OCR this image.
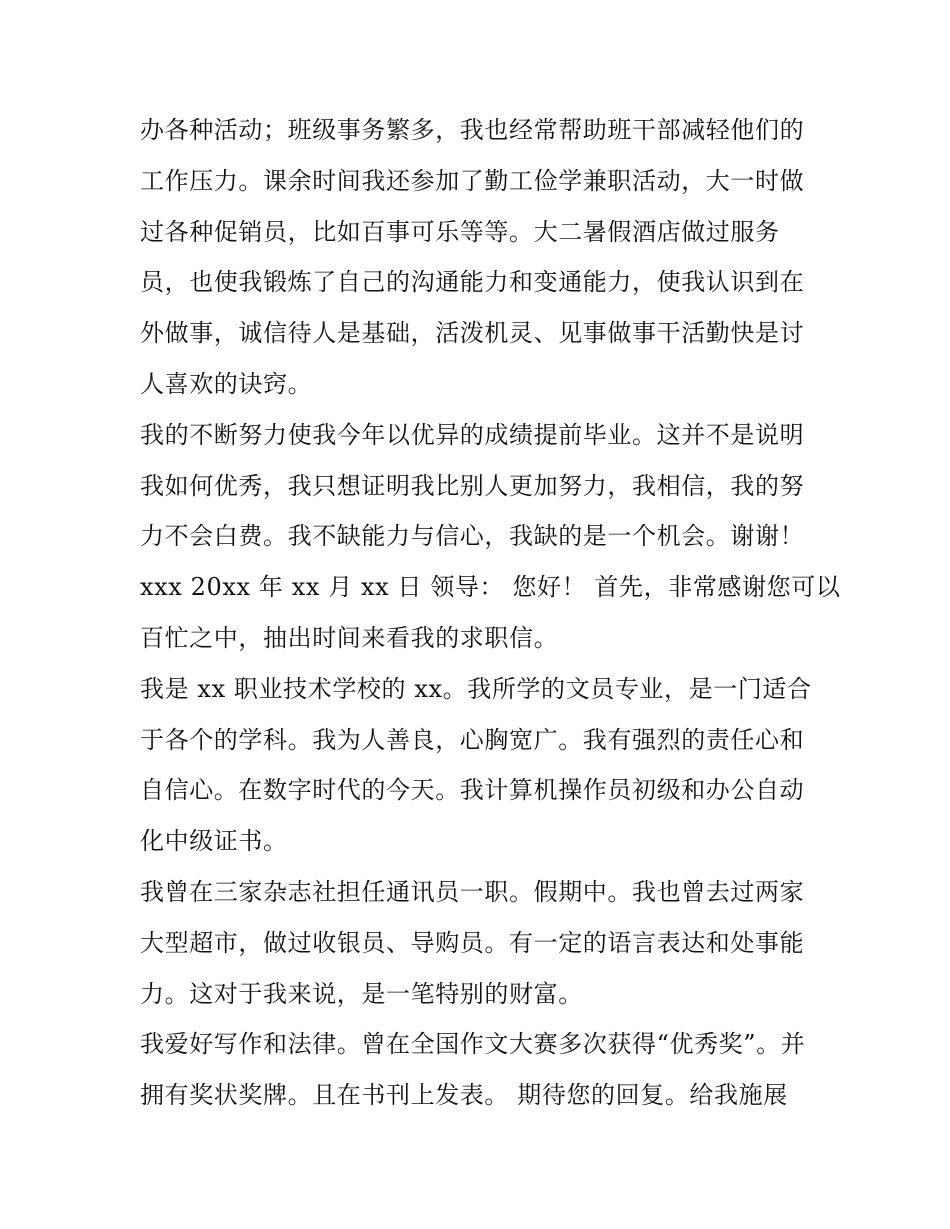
办各种活动；班级事务繁多，我也经常帮助班干部减轻他们的
工作压力。课余时间我还参加了勤工俭学兼职活动，大一时做
过各种促销员，比如百事可乐等等。大二暑假酒店做过服务
员，也使我锻炼了自己的沟通能力和变通能力，使我认识到在
外做事，诚信待人是基础，活泼机灵、见事做事干活勤快是讨
人喜欢的诀窍。
我的不断努力使我今年以优异的成绩提前毕业。这并不是说明
我如何优秀，我只想证明我比别人更加努力，我相信，我的努
力不会白费。我不缺能力与信心，我缺的是一个机会。谢谢！
xxx 20xx 年 xx 月 xx 日 领导： 您好！ 首先，非常感谢您可以
百忙之中，抽出时间来看我的求职信。
我是 xx 职业技术学校的 xx。我所学的文员专业，是一门适合
于各个的学科。我为人善良，心胸宽广。我有强烈的责任心和
自信心。在数字时代的今天。我计算机操作员初级和办公自动
化中级证书。
我曾在三家杂志社担任通讯员一职。假期中。我也曾去过两家
大型超市，做过收银员、导购员。有一定的语言表达和处事能
力。这对于我来说，是一笔特别的财富。
我爱好写作和法律。曾在全国作文大赛多次获得“优秀奖”。并
拥有奖状奖牌。且在书刊上发表。 期待您的回复。给我施展
